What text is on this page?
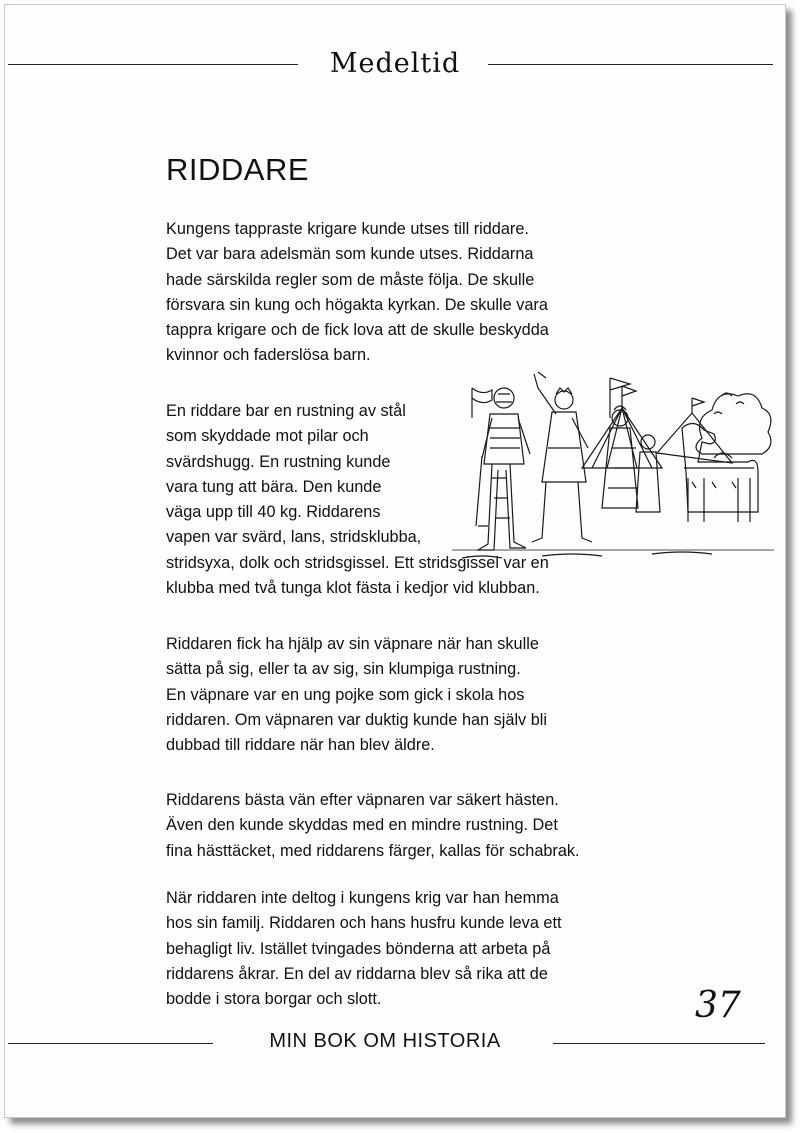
Medeltid
RIDDARE
Kungens tappraste krigare kunde utses till riddare.
Det var bara adelsmän som kunde utses. Riddarna
hade särskilda regler som de måste följa. De skulle
försvara sin kung och högakta kyrkan. De skulle vara
tappra krigare och de fick lova att de skulle beskydda
kvinnor och faderslösa barn.
En riddare bar en rustning av stål
som skyddade mot pilar och
svärdshugg. En rustning kunde
vara tung att bära. Den kunde
väga upp till 40 kg. Riddarens
vapen var svärd, lans, stridsklubba,
stridsyxa, dolk och stridsgissel. Ett stridsgissel var en
klubba med två tunga klot fästa i kedjor vid klubban.
Riddaren fick ha hjälp av sin väpnare när han skulle
sätta på sig, eller ta av sig, sin klumpiga rustning.
En väpnare var en ung pojke som gick i skola hos
riddaren. Om väpnaren var duktig kunde han själv bli
dubbad till riddare när han blev äldre.
Riddarens bästa vän efter väpnaren var säkert hästen.
Även den kunde skyddas med en mindre rustning. Det
fina hästtäcket, med riddarens färger, kallas för schabrak.
När riddaren inte deltog i kungens krig var han hemma
hos sin familj. Riddaren och hans husfru kunde leva ett
behagligt liv. Istället tvingades bönderna att arbeta på
riddarens åkrar. En del av riddarna blev så rika att de
bodde i stora borgar och slott.	37
MIN BOK OM HISTORIA
